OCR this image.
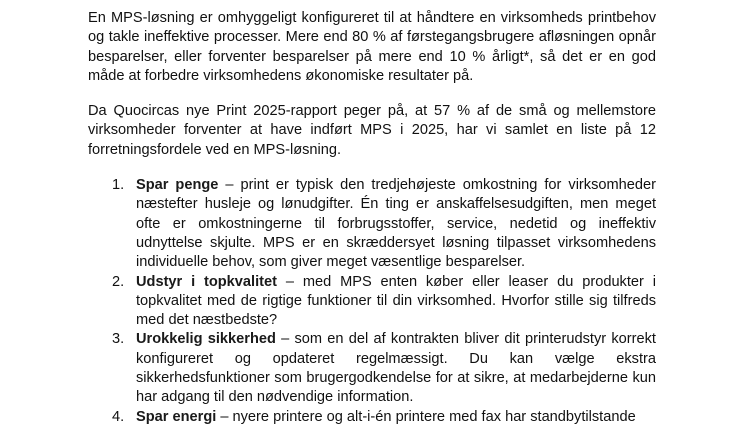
En MPS-løsning er omhyggeligt konfigureret til at håndtere en virksomheds printbehov og takle ineffektive processer. Mere end 80 % af førstegangsbrugere afløsningen opnår besparelser, eller forventer besparelser på mere end 10 % årligt*, så det er en god måde at forbedre virksomhedens økonomiske resultater på.

Da Quocircas nye Print 2025-rapport peger på, at 57 % af de små og mellemstore virksomheder forventer at have indført MPS i 2025, har vi samlet en liste på 12 forretningsfordele ved en MPS-løsning.

1. Spar penge – print er typisk den tredjehøjeste omkostning for virksomheder næstefter husleje og lønudgifter. Én ting er anskaffelsesudgiften, men meget ofte er omkostningerne til forbrugsstoffer, service, nedetid og ineffektiv udnyttelse skjulte. MPS er en skræddersyet løsning tilpasset virksomhedens individuelle behov, som giver meget væsentlige besparelser.
2. Udstyr i topkvalitet – med MPS enten køber eller leaser du produkter i topkvalitet med de rigtige funktioner til din virksomhed. Hvorfor stille sig tilfreds med det næstbedste?
3. Urokkelig sikkerhed – som en del af kontrakten bliver dit printerudstyr korrekt konfigureret og opdateret regelmæssigt. Du kan vælge ekstra sikkerhedsfunktioner som brugergodkendelse for at sikre, at medarbejderne kun har adgang til den nødvendige information.
4. Spar energi – nyere printere og alt-i-én printere med fax har standbytilstande
